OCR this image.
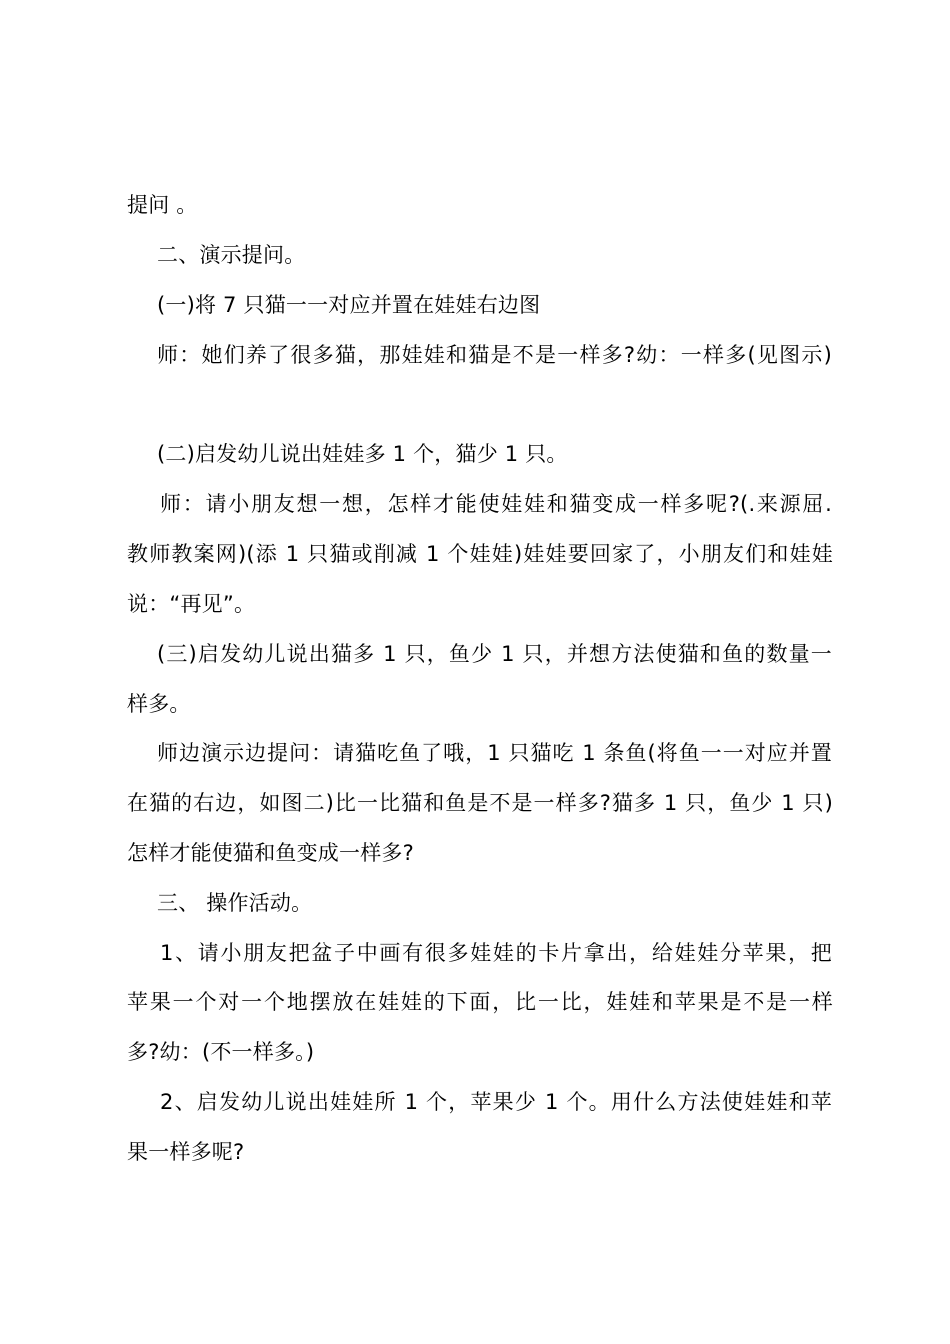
提问 。
二、演示提问。
(一)将 7 只猫一一对应并置在娃娃右边图
师：她们养了很多猫，那娃娃和猫是不是一样多?幼：一样多(见图示)
(二)启发幼儿说出娃娃多 1 个，猫少 1 只。
师：请小朋友想一想，怎样才能使娃娃和猫变成一样多呢?(.来源屈.
教师教案网)(添 1 只猫或削减 1 个娃娃)娃娃要回家了，小朋友们和娃娃
说：“再见”。
(三)启发幼儿说出猫多 1 只，鱼少 1 只，并想方法使猫和鱼的数量一
样多。
师边演示边提问：请猫吃鱼了哦，1 只猫吃 1 条鱼(将鱼一一对应并置
在猫的右边，如图二)比一比猫和鱼是不是一样多?猫多 1 只，鱼少 1 只)
怎样才能使猫和鱼变成一样多?
三、 操作活动。
1、请小朋友把盆子中画有很多娃娃的卡片拿出，给娃娃分苹果，把
苹果一个对一个地摆放在娃娃的下面，比一比，娃娃和苹果是不是一样
多?幼：(不一样多。)
2、启发幼儿说出娃娃所 1 个，苹果少 1 个。用什么方法使娃娃和苹
果一样多呢?
